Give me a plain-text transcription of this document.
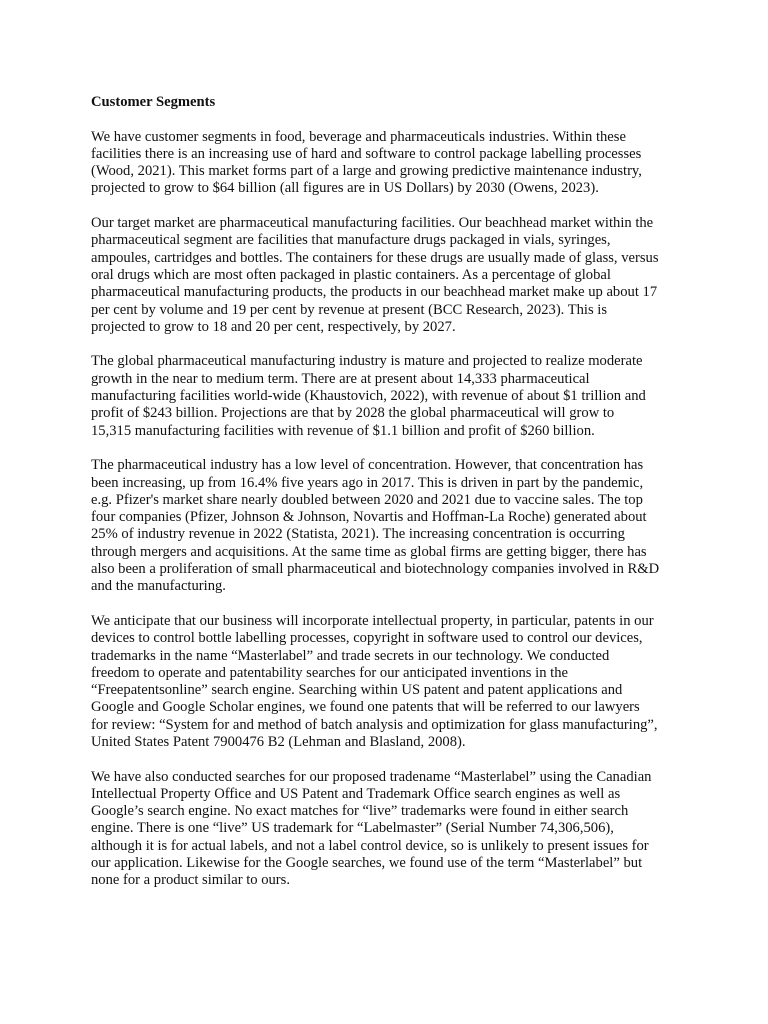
Customer Segments
We have customer segments in food, beverage and pharmaceuticals industries. Within these
facilities there is an increasing use of hard and software to control package labelling processes
(Wood, 2021). This market forms part of a large and growing predictive maintenance industry,
projected to grow to $64 billion (all figures are in US Dollars) by 2030 (Owens, 2023).
Our target market are pharmaceutical manufacturing facilities. Our beachhead market within the
pharmaceutical segment are facilities that manufacture drugs packaged in vials, syringes,
ampoules, cartridges and bottles. The containers for these drugs are usually made of glass, versus
oral drugs which are most often packaged in plastic containers. As a percentage of global
pharmaceutical manufacturing products, the products in our beachhead market make up about 17
per cent by volume and 19 per cent by revenue at present (BCC Research, 2023). This is
projected to grow to 18 and 20 per cent, respectively, by 2027.
The global pharmaceutical manufacturing industry is mature and projected to realize moderate
growth in the near to medium term. There are at present about 14,333 pharmaceutical
manufacturing facilities world-wide (Khaustovich, 2022), with revenue of about $1 trillion and
profit of $243 billion. Projections are that by 2028 the global pharmaceutical will grow to
15,315 manufacturing facilities with revenue of $1.1 billion and profit of $260 billion.
The pharmaceutical industry has a low level of concentration. However, that concentration has
been increasing, up from 16.4% five years ago in 2017. This is driven in part by the pandemic,
e.g. Pfizer's market share nearly doubled between 2020 and 2021 due to vaccine sales. The top
four companies (Pfizer, Johnson & Johnson, Novartis and Hoffman-La Roche) generated about
25% of industry revenue in 2022 (Statista, 2021). The increasing concentration is occurring
through mergers and acquisitions. At the same time as global firms are getting bigger, there has
also been a proliferation of small pharmaceutical and biotechnology companies involved in R&D
and the manufacturing.
We anticipate that our business will incorporate intellectual property, in particular, patents in our
devices to control bottle labelling processes, copyright in software used to control our devices,
trademarks in the name “Masterlabel” and trade secrets in our technology. We conducted
freedom to operate and patentability searches for our anticipated inventions in the
“Freepatentsonline” search engine. Searching within US patent and patent applications and
Google and Google Scholar engines, we found one patents that will be referred to our lawyers
for review: “System for and method of batch analysis and optimization for glass manufacturing”,
United States Patent 7900476 B2 (Lehman and Blasland, 2008).
We have also conducted searches for our proposed tradename “Masterlabel” using the Canadian
Intellectual Property Office and US Patent and Trademark Office search engines as well as
Google’s search engine. No exact matches for “live” trademarks were found in either search
engine. There is one “live” US trademark for “Labelmaster” (Serial Number 74,306,506),
although it is for actual labels, and not a label control device, so is unlikely to present issues for
our application. Likewise for the Google searches, we found use of the term “Masterlabel” but
none for a product similar to ours.
